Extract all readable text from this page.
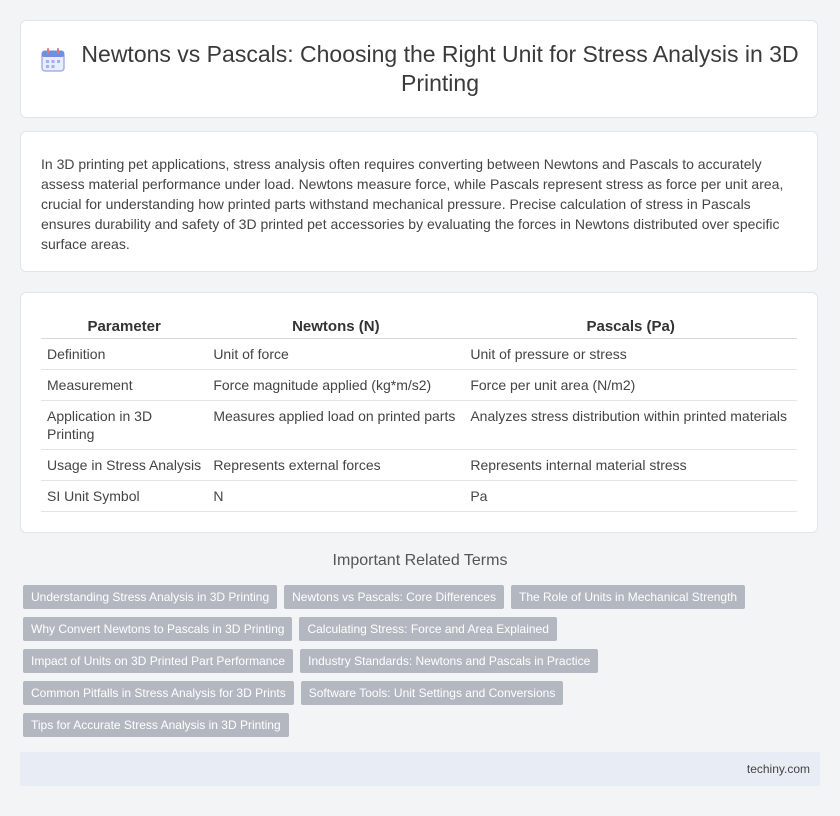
Newtons vs Pascals: Choosing the Right Unit for Stress Analysis in 3D Printing

In 3D printing pet applications, stress analysis often requires converting between Newtons and Pascals to accurately assess material performance under load. Newtons measure force, while Pascals represent stress as force per unit area, crucial for understanding how printed parts withstand mechanical pressure. Precise calculation of stress in Pascals ensures durability and safety of 3D printed pet accessories by evaluating the forces in Newtons distributed over specific surface areas.

Parameter	Newtons (N)	Pascals (Pa)
Definition	Unit of force	Unit of pressure or stress
Measurement	Force magnitude applied (kg*m/s2)	Force per unit area (N/m2)
Application in 3D Printing	Measures applied load on printed parts	Analyzes stress distribution within printed materials
Usage in Stress Analysis	Represents external forces	Represents internal material stress
SI Unit Symbol	N	Pa
Important Related Terms
Understanding Stress Analysis in 3D Printing	Newtons vs Pascals: Core Differences	The Role of Units in Mechanical Strength
Why Convert Newtons to Pascals in 3D Printing	Calculating Stress: Force and Area Explained
Impact of Units on 3D Printed Part Performance	Industry Standards: Newtons and Pascals in Practice
Common Pitfalls in Stress Analysis for 3D Prints	Software Tools: Unit Settings and Conversions
Tips for Accurate Stress Analysis in 3D Printing
techiny.com
